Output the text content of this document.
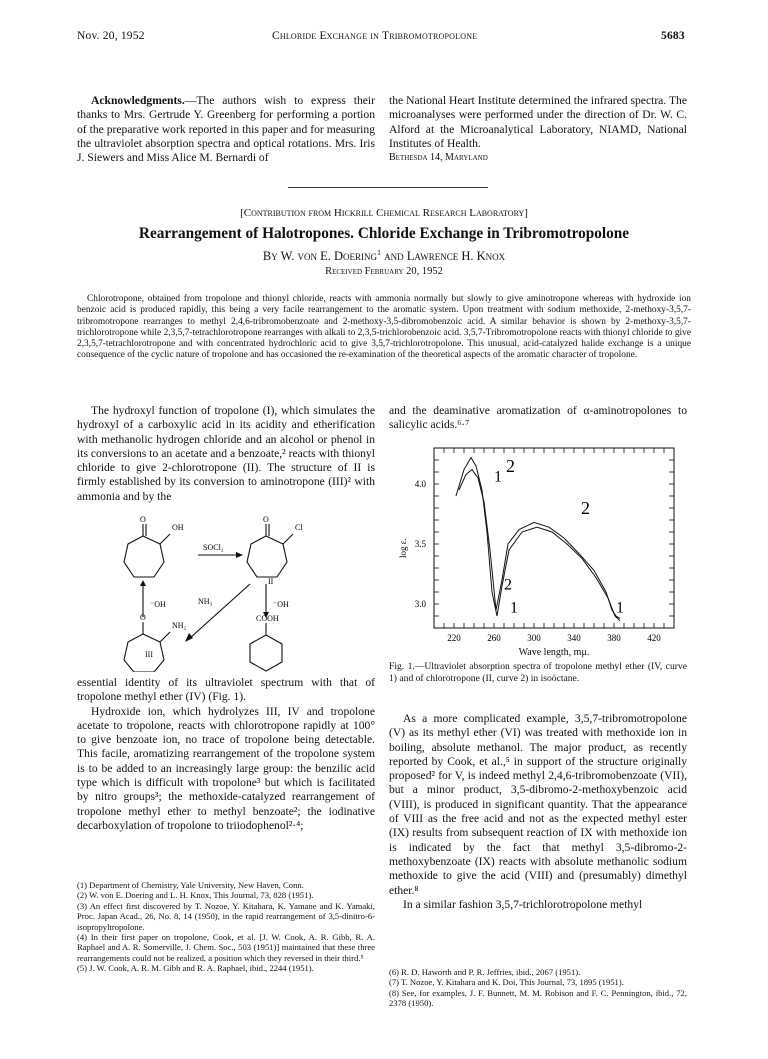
Nov. 20, 1952	Chloride Exchange in Tribromotropolone	5683

Acknowledgments.—The authors wish to express their thanks to Mrs. Gertrude Y. Greenberg for performing a portion of the preparative work reported in this paper and for measuring the ultraviolet absorption spectra and optical rotations. Mrs. Iris J. Siewers and Miss Alice M. Bernardi of

the National Heart Institute determined the infrared spectra. The microanalyses were performed under the direction of Dr. W. C. Alford at the Microanalytical Laboratory, NIAMD, National Institutes of Health.

Bethesda 14, Maryland
[Contribution from Hickrill Chemical Research Laboratory]
Rearrangement of Halotropones. Chloride Exchange in Tribromotropolone
By W. von E. Doering$^1$ and Lawrence H. Knox
Received February 20, 1952

Chlorotropone, obtained from tropolone and thionyl chloride, reacts with ammonia normally but slowly to give aminotropone whereas with hydroxide ion benzoic acid is produced rapidly, this being a very facile rearrangement to the aromatic system. Upon treatment with sodium methoxide, 2-methoxy-3,5,7-tribromotropone rearranges to methyl 2,4,6-tribromobenzoate and 2-methoxy-3,5-dibromobenzoic acid. A similar behavior is shown by 2-methoxy-3,5,7-trichlorotropone while 2,3,5,7-tetrachlorotropone rearranges with alkali to 2,3,5-trichlorobenzoic acid. 3,5,7-Tribromotropolone reacts with thionyl chloride to give 2,3,5,7-tetrachlorotropone and with concentrated hydrochloric acid to give 3,5,7-trichlorotropolone. This unusual, acid-catalyzed halide exchange is a unique consequence of the cyclic nature of tropolone and has occasioned the re-examination of the theoretical aspects of the aromatic character of tropolone.

The hydroxyl function of tropolone (I), which simulates the hydroxyl of a carboxylic acid in its acidity and etherification with methanolic hydrogen chloride and an alcohol or phenol in its conversions to an acetate and a benzoate,² reacts with thionyl chloride to give 2-chlorotropone (II). The structure of II is firmly established by its conversion to aminotropone (III)² with ammonia and by the

O
OH
O
Cl
SOCl₂
⁻OH	NH₃	⁻OH
O
NH₂
COOH
III
II

essential identity of its ultraviolet spectrum with that of tropolone methyl ether (IV) (Fig. 1).

Hydroxide ion, which hydrolyzes III, IV and tropolone acetate to tropolone, reacts with chlorotropone rapidly at 100° to give benzoate ion, no trace of tropolone being detectable. This facile, aromatizing rearrangement of the tropolone system is to be added to an increasingly large group: the benzilic acid type which is difficult with tropolone³ but which is facilitated by nitro groups³; the methoxide-catalyzed rearrangement of tropolone methyl ether to methyl benzoate²; the iodinative decarboxylation of tropolone to triiodophenol²·⁴;

(1) Department of Chemistry, Yale University, New Haven, Conn.

(2) W. von E. Doering and L. H. Knox, This Journal, 73, 828 (1951).

(3) An effect first discovered by T. Nozoe, Y. Kitahara, K. Yamane and K. Yamaki, Proc. Japan Acad., 26, No. 8, 14 (1950), in the rapid rearrangement of 3,5-dinitro-6-isopropyltropolone.

(4) In their first paper on tropolone, Cook, et al. [J. W. Cook, A. R. Gibb, R. A. Raphael and A. R. Somerville, J. Chem. Soc., 503 (1951)] maintained that these three rearrangements could not be realized, a position which they reversed in their third.⁵

(5) J. W. Cook, A. R. M. Gibb and R. A. Raphael, ibid., 2244 (1951).

and the deaminative aromatization of α-aminotropolones to salicylic acids.⁶·⁷

220	260	300	340	380	420
3.0
3.5
4.0	1
2
2
2
1	1
log ε.
Wave length, mμ.
Fig. 1.—Ultraviolet absorption spectra of tropolone methyl ether (IV, curve 1) and of chlorotropone (II, curve 2) in isoöctane.

As a more complicated example, 3,5,7-tribromotropolone (V) as its methyl ether (VI) was treated with methoxide ion in boiling, absolute methanol. The major product, as recently reported by Cook, et al.,⁵ in support of the structure originally proposed² for V, is indeed methyl 2,4,6-tribromobenzoate (VII), but a minor product, 3,5-dibromo-2-methoxybenzoic acid (VIII), is produced in significant quantity. That the appearance of VIII as the free acid and not as the expected methyl ester (IX) results from subsequent reaction of IX with methoxide ion is indicated by the fact that methyl 3,5-dibromo-2-methoxybenzoate (IX) reacts with absolute methanolic sodium methoxide to give the acid (VIII) and (presumably) dimethyl ether.⁸

In a similar fashion 3,5,7-trichlorotropolone methyl

(6) R. D. Haworth and P. R. Jeffries, ibid., 2067 (1951).

(7) T. Nozoe, Y. Kitahara and K. Doi, This Journal, 73, 1895 (1951).

(8) See, for examples, J. F. Bunnett, M. M. Robison and F. C. Pennington, ibid., 72, 2378 (1950).
